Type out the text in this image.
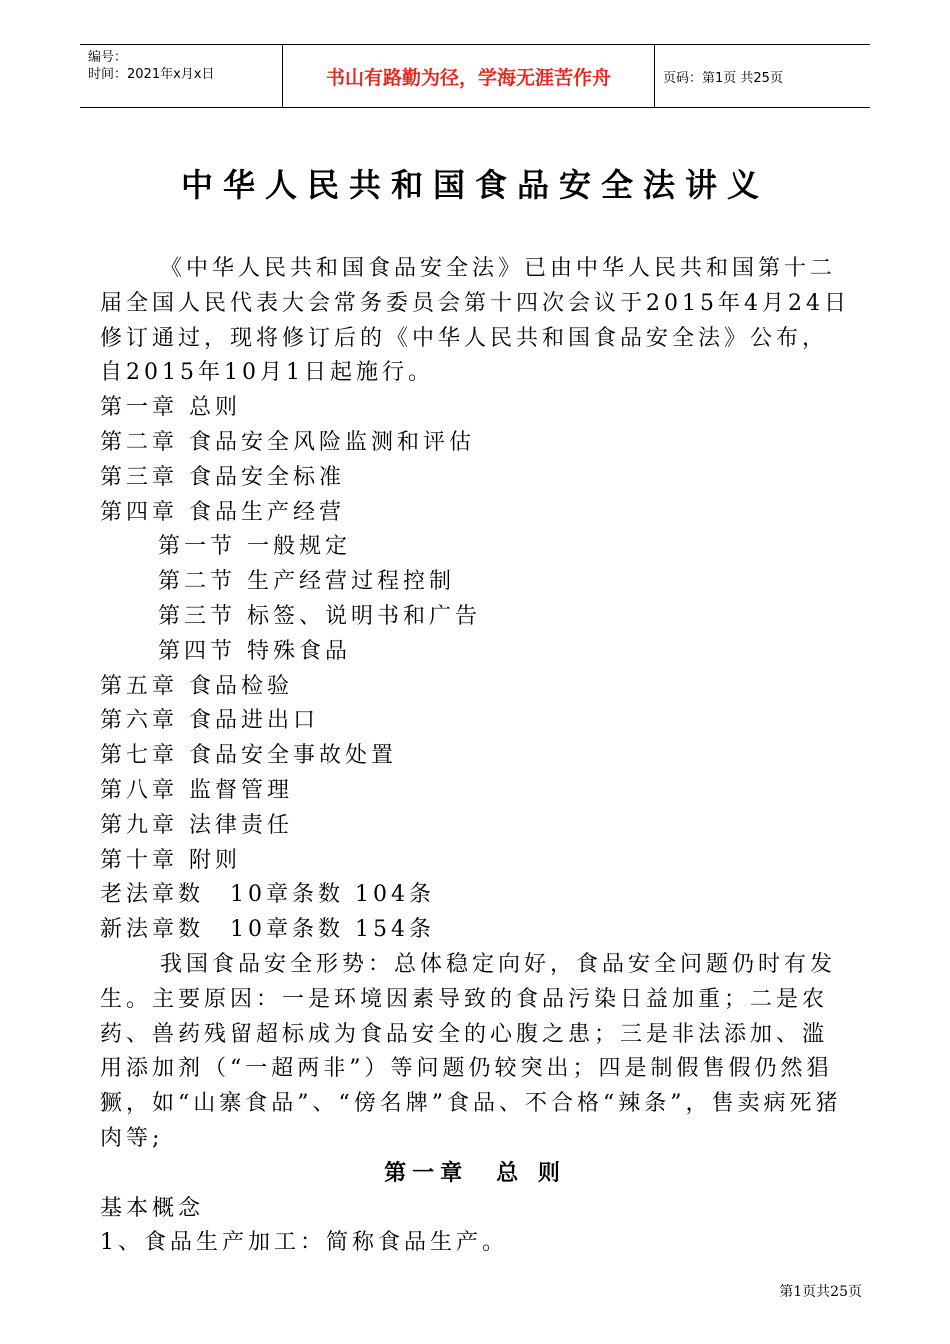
编号：
时间：2021年x月x日	书山有路勤为径，学海无涯苦作舟	页码：第1页 共25页
中华人民共和国食品安全法讲义

《中华人民共和国食品安全法》已由中华人民共和国第十二届全国人民代表大会常务委员会第十四次会议于2015年4月24日修订通过，现将修订后的《中华人民共和国食品安全法》公布，自2015年10月1日起施行。

第一章 总则

第二章 食品安全风险监测和评估

第三章 食品安全标准

第四章 食品生产经营

第一节 一般规定

第二节 生产经营过程控制

第三节 标签、说明书和广告

第四节 特殊食品

第五章 食品检验

第六章 食品进出口

第七章 食品安全事故处置

第八章 监督管理

第九章 法律责任

第十章 附则

老法章数　10章条数 104条

新法章数　10章条数 154条

我国食品安全形势：总体稳定向好，食品安全问题仍时有发生。主要原因：一是环境因素导致的食品污染日益加重；二是农药、兽药残留超标成为食品安全的心腹之患；三是非法添加、滥用添加剂（“一超两非”）等问题仍较突出；四是制假售假仍然猖獗，如“山寨食品”、“傍名牌”食品、不合格“辣条”，售卖病死猪肉等;

第一章　总 则

基本概念

1、食品生产加工：简称食品生产。

第1页共25页
